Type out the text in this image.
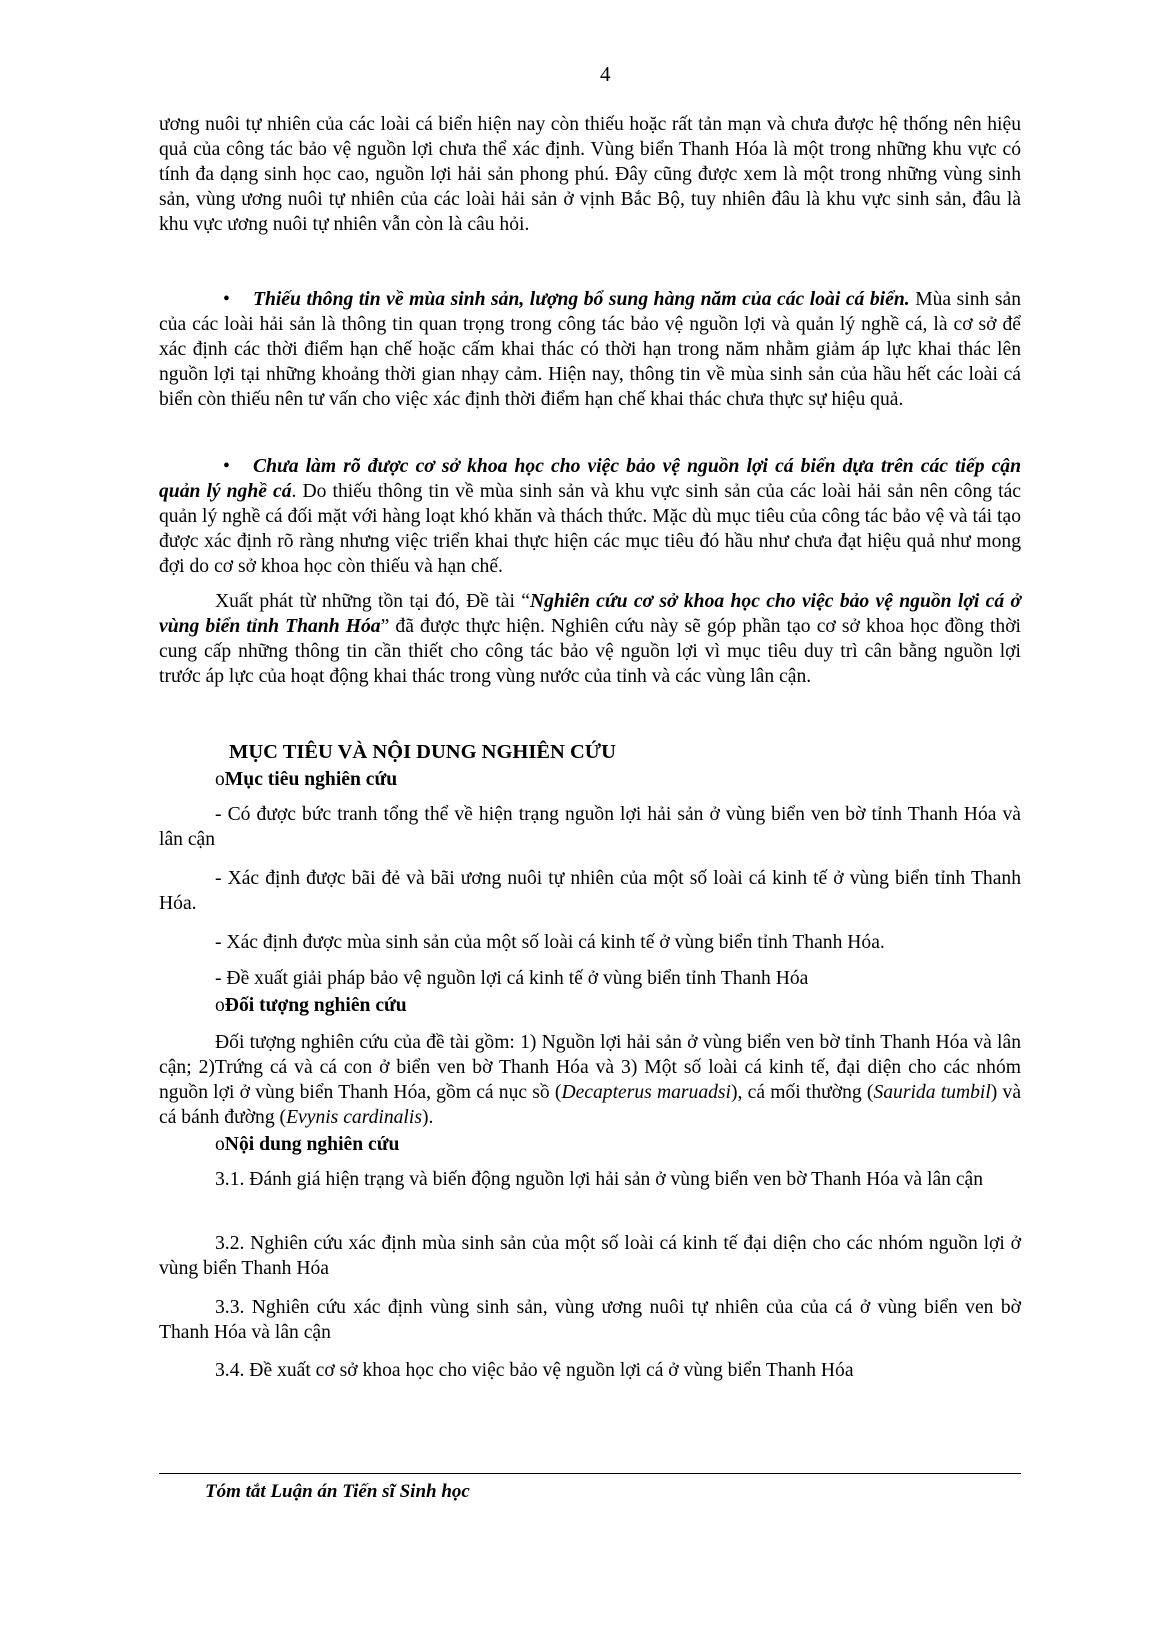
4

ương nuôi tự nhiên của các loài cá biển hiện nay còn thiếu hoặc rất tản mạn và chưa được hệ thống nên hiệu quả của công tác bảo vệ nguồn lợi chưa thể xác định. Vùng biển Thanh Hóa là một trong những khu vực có tính đa dạng sinh học cao, nguồn lợi hải sản phong phú. Đây cũng được xem là một trong những vùng sinh sản, vùng ương nuôi tự nhiên của các loài hải sản ở vịnh Bắc Bộ, tuy nhiên đâu là khu vực sinh sản, đâu là khu vực ương nuôi tự nhiên vẫn còn là câu hỏi.

• Thiếu thông tin về mùa sinh sản, lượng bổ sung hàng năm của các loài cá biển. Mùa sinh sản của các loài hải sản là thông tin quan trọng trong công tác bảo vệ nguồn lợi và quản lý nghề cá, là cơ sở để xác định các thời điểm hạn chế hoặc cấm khai thác có thời hạn trong năm nhằm giảm áp lực khai thác lên nguồn lợi tại những khoảng thời gian nhạy cảm. Hiện nay, thông tin về mùa sinh sản của hầu hết các loài cá biển còn thiếu nên tư vấn cho việc xác định thời điểm hạn chế khai thác chưa thực sự hiệu quả.

• Chưa làm rõ được cơ sở khoa học cho việc bảo vệ nguồn lợi cá biển dựa trên các tiếp cận quản lý nghề cá. Do thiếu thông tin về mùa sinh sản và khu vực sinh sản của các loài hải sản nên công tác quản lý nghề cá đối mặt với hàng loạt khó khăn và thách thức. Mặc dù mục tiêu của công tác bảo vệ và tái tạo được xác định rõ ràng nhưng việc triển khai thực hiện các mục tiêu đó hầu như chưa đạt hiệu quả như mong đợi do cơ sở khoa học còn thiếu và hạn chế.

Xuất phát từ những tồn tại đó, Đề tài “Nghiên cứu cơ sở khoa học cho việc bảo vệ nguồn lợi cá ở vùng biển tỉnh Thanh Hóa” đã được thực hiện. Nghiên cứu này sẽ góp phần tạo cơ sở khoa học đồng thời cung cấp những thông tin cần thiết cho công tác bảo vệ nguồn lợi vì mục tiêu duy trì cân bằng nguồn lợi trước áp lực của hoạt động khai thác trong vùng nước của tỉnh và các vùng lân cận.

MỤC TIÊU VÀ NỘI DUNG NGHIÊN CỨU
oMục tiêu nghiên cứu

- Có được bức tranh tổng thể về hiện trạng nguồn lợi hải sản ở vùng biển ven bờ tỉnh Thanh Hóa và lân cận

- Xác định được bãi đẻ và bãi ương nuôi tự nhiên của một số loài cá kinh tế ở vùng biển tỉnh Thanh Hóa.

- Xác định được mùa sinh sản của một số loài cá kinh tế ở vùng biển tỉnh Thanh Hóa.

- Đề xuất giải pháp bảo vệ nguồn lợi cá kinh tế ở vùng biển tỉnh Thanh Hóa

oĐối tượng nghiên cứu

Đối tượng nghiên cứu của đề tài gồm: 1) Nguồn lợi hải sản ở vùng biển ven bờ tỉnh Thanh Hóa và lân cận; 2)Trứng cá và cá con ở biển ven bờ Thanh Hóa và 3) Một số loài cá kinh tế, đại diện cho các nhóm nguồn lợi ở vùng biển Thanh Hóa, gồm cá nục sồ (Decapterus maruadsi), cá mối thường (Saurida tumbil) và cá bánh đường (Evynis cardinalis).

oNội dung nghiên cứu

3.1. Đánh giá hiện trạng và biến động nguồn lợi hải sản ở vùng biển ven bờ Thanh Hóa và lân cận

3.2. Nghiên cứu xác định mùa sinh sản của một số loài cá kinh tế đại diện cho các nhóm nguồn lợi ở vùng biển Thanh Hóa

3.3. Nghiên cứu xác định vùng sinh sản, vùng ương nuôi tự nhiên của của cá ở vùng biển ven bờ Thanh Hóa và lân cận

3.4. Đề xuất cơ sở khoa học cho việc bảo vệ nguồn lợi cá ở vùng biển Thanh Hóa

Tóm tắt Luận án Tiến sĩ Sinh học
